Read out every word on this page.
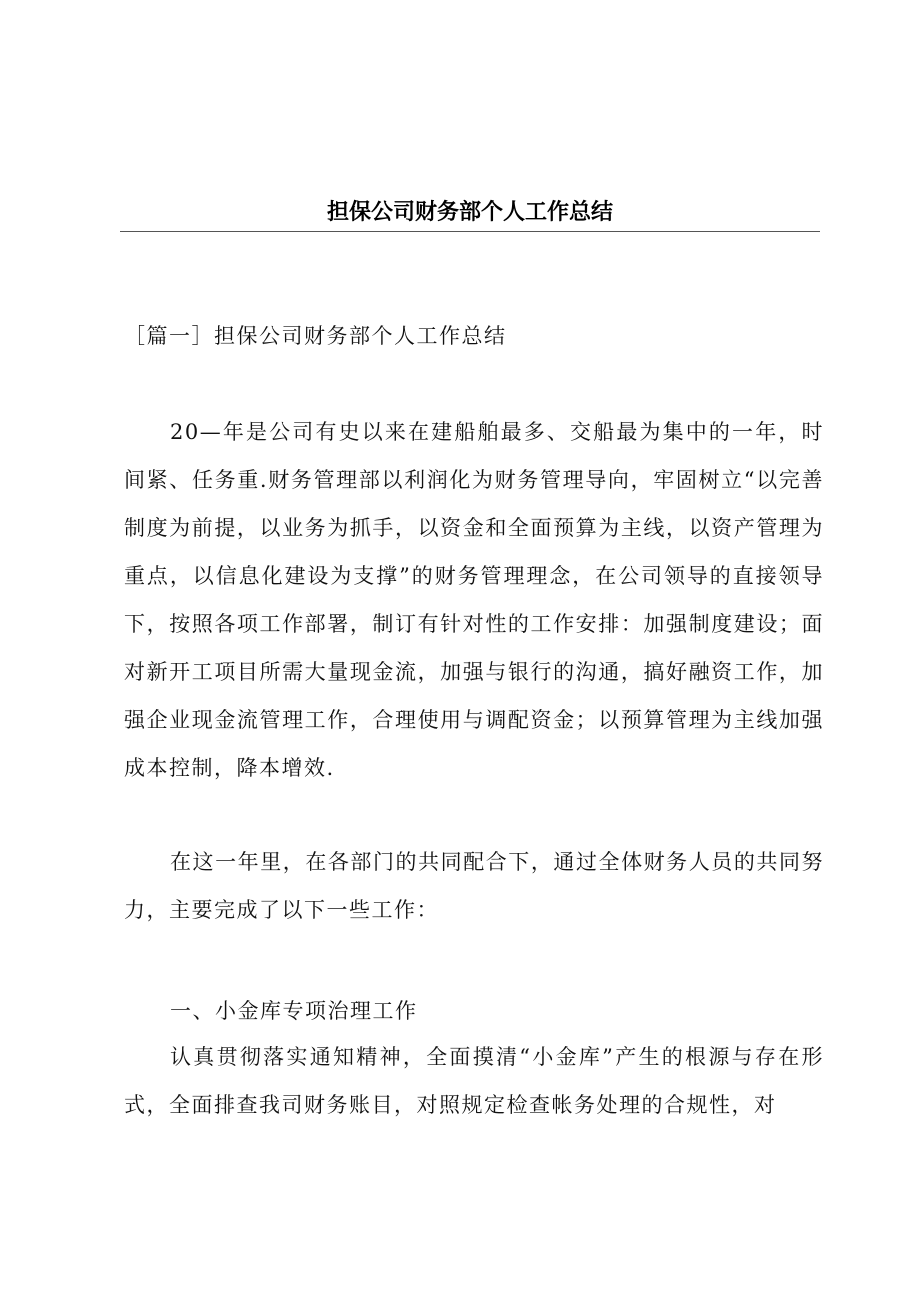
担保公司财务部个人工作总结
［篇一］担保公司财务部个人工作总结

20—年是公司有史以来在建船舶最多、交船最为集中的一年，时间紧、任务重.财务管理部以利润化为财务管理导向，牢固树立“以完善制度为前提，以业务为抓手，以资金和全面预算为主线，以资产管理为重点，以信息化建设为支撑”的财务管理理念，在公司领导的直接领导下，按照各项工作部署，制订有针对性的工作安排：加强制度建设；面对新开工项目所需大量现金流，加强与银行的沟通，搞好融资工作，加强企业现金流管理工作，合理使用与调配资金；以预算管理为主线加强成本控制，降本增效.

在这一年里，在各部门的共同配合下，通过全体财务人员的共同努力，主要完成了以下一些工作：

一、小金库专项治理工作

认真贯彻落实通知精神，全面摸清“小金库”产生的根源与存在形式，全面排查我司财务账目，对照规定检查帐务处理的合规性，对
